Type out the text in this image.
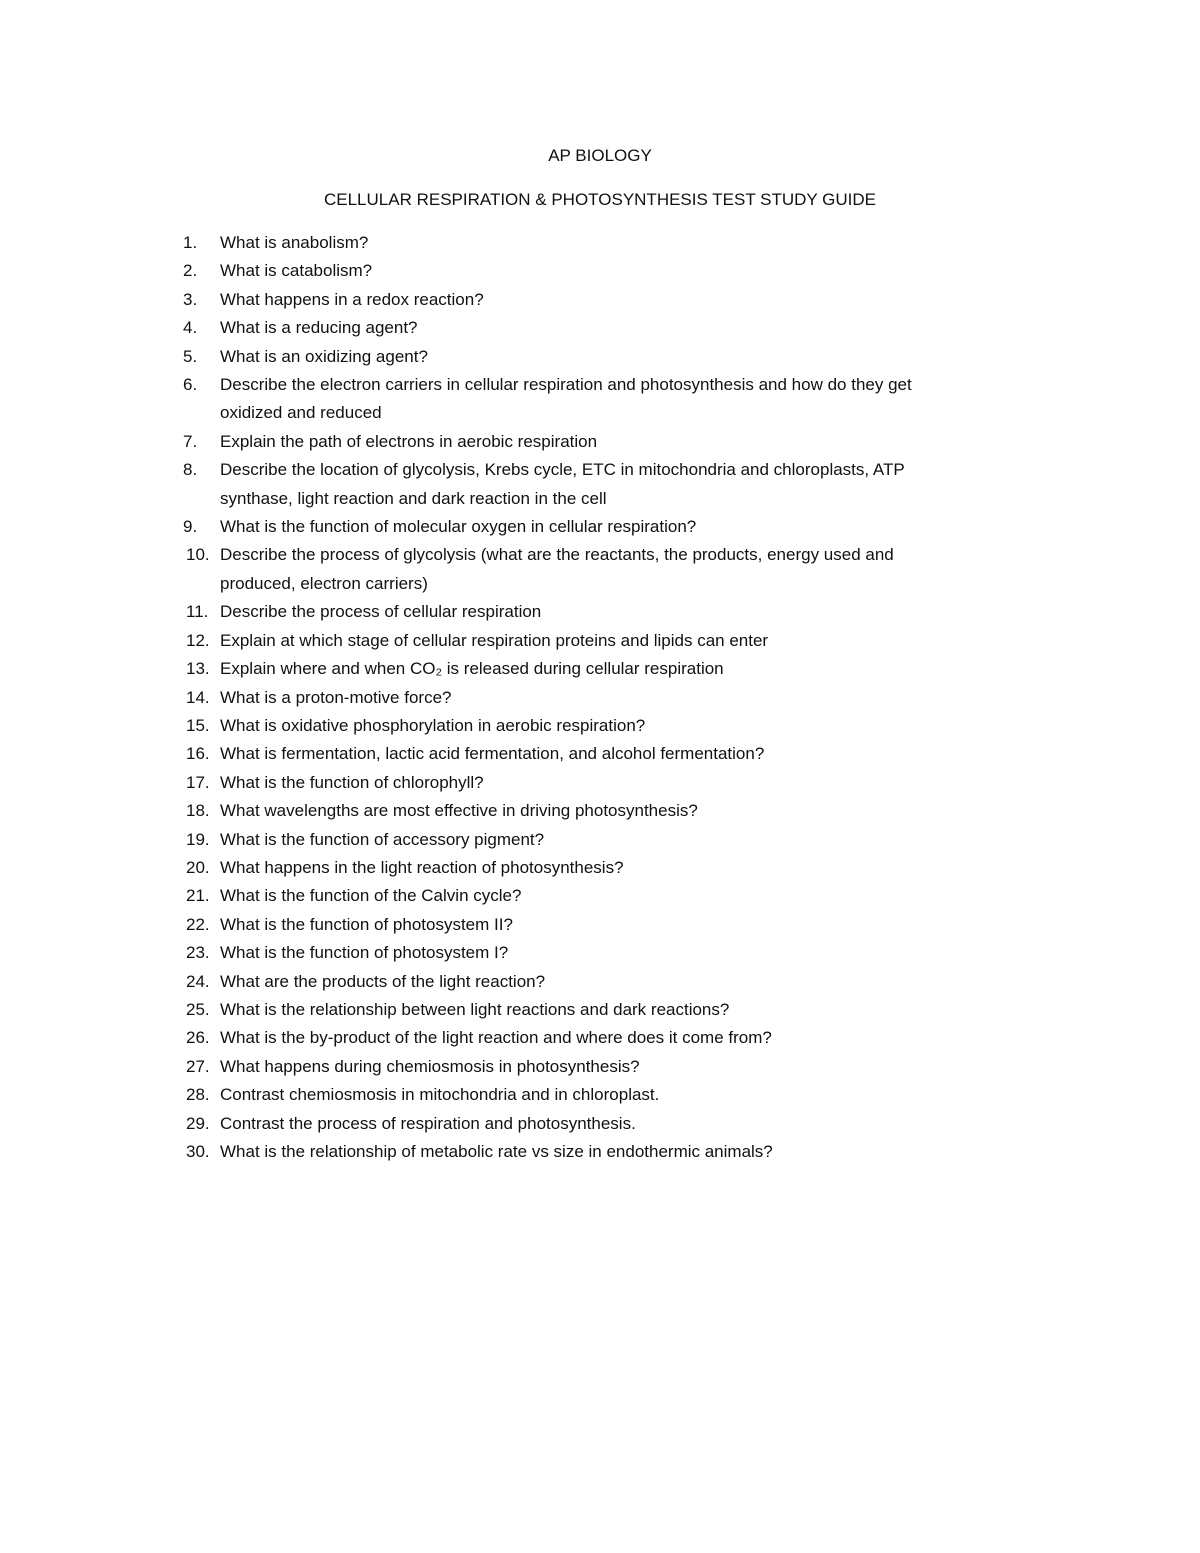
AP BIOLOGY
CELLULAR RESPIRATION & PHOTOSYNTHESIS TEST STUDY GUIDE
1.	What is anabolism?
2.	What is catabolism?
3.	What happens in a redox reaction?
4.	What is a reducing agent?
5.	What is an oxidizing agent?
6.	Describe the electron carriers in cellular respiration and photosynthesis and how do they get
oxidized and reduced
7.	Explain the path of electrons in aerobic respiration
8.	Describe the location of glycolysis, Krebs cycle, ETC in mitochondria and chloroplasts, ATP
synthase, light reaction and dark reaction in the cell
9.	What is the function of molecular oxygen in cellular respiration?
10. Describe the process of glycolysis (what are the reactants, the products, energy used and
produced, electron carriers)
11. Describe the process of cellular respiration
12. Explain at which stage of cellular respiration proteins and lipids can enter
13. Explain where and when CO₂ is released during cellular respiration
14. What is a proton-motive force?
15. What is oxidative phosphorylation in aerobic respiration?
16. What is fermentation, lactic acid fermentation, and alcohol fermentation?
17. What is the function of chlorophyll?
18. What wavelengths are most effective in driving photosynthesis?
19. What is the function of accessory pigment?
20. What happens in the light reaction of photosynthesis?
21. What is the function of the Calvin cycle?
22. What is the function of photosystem II?
23. What is the function of photosystem I?
24. What are the products of the light reaction?
25. What is the relationship between light reactions and dark reactions?
26. What is the by-product of the light reaction and where does it come from?
27. What happens during chemiosmosis in photosynthesis?
28. Contrast chemiosmosis in mitochondria and in chloroplast.
29. Contrast the process of respiration and photosynthesis.
30. What is the relationship of metabolic rate vs size in endothermic animals?
